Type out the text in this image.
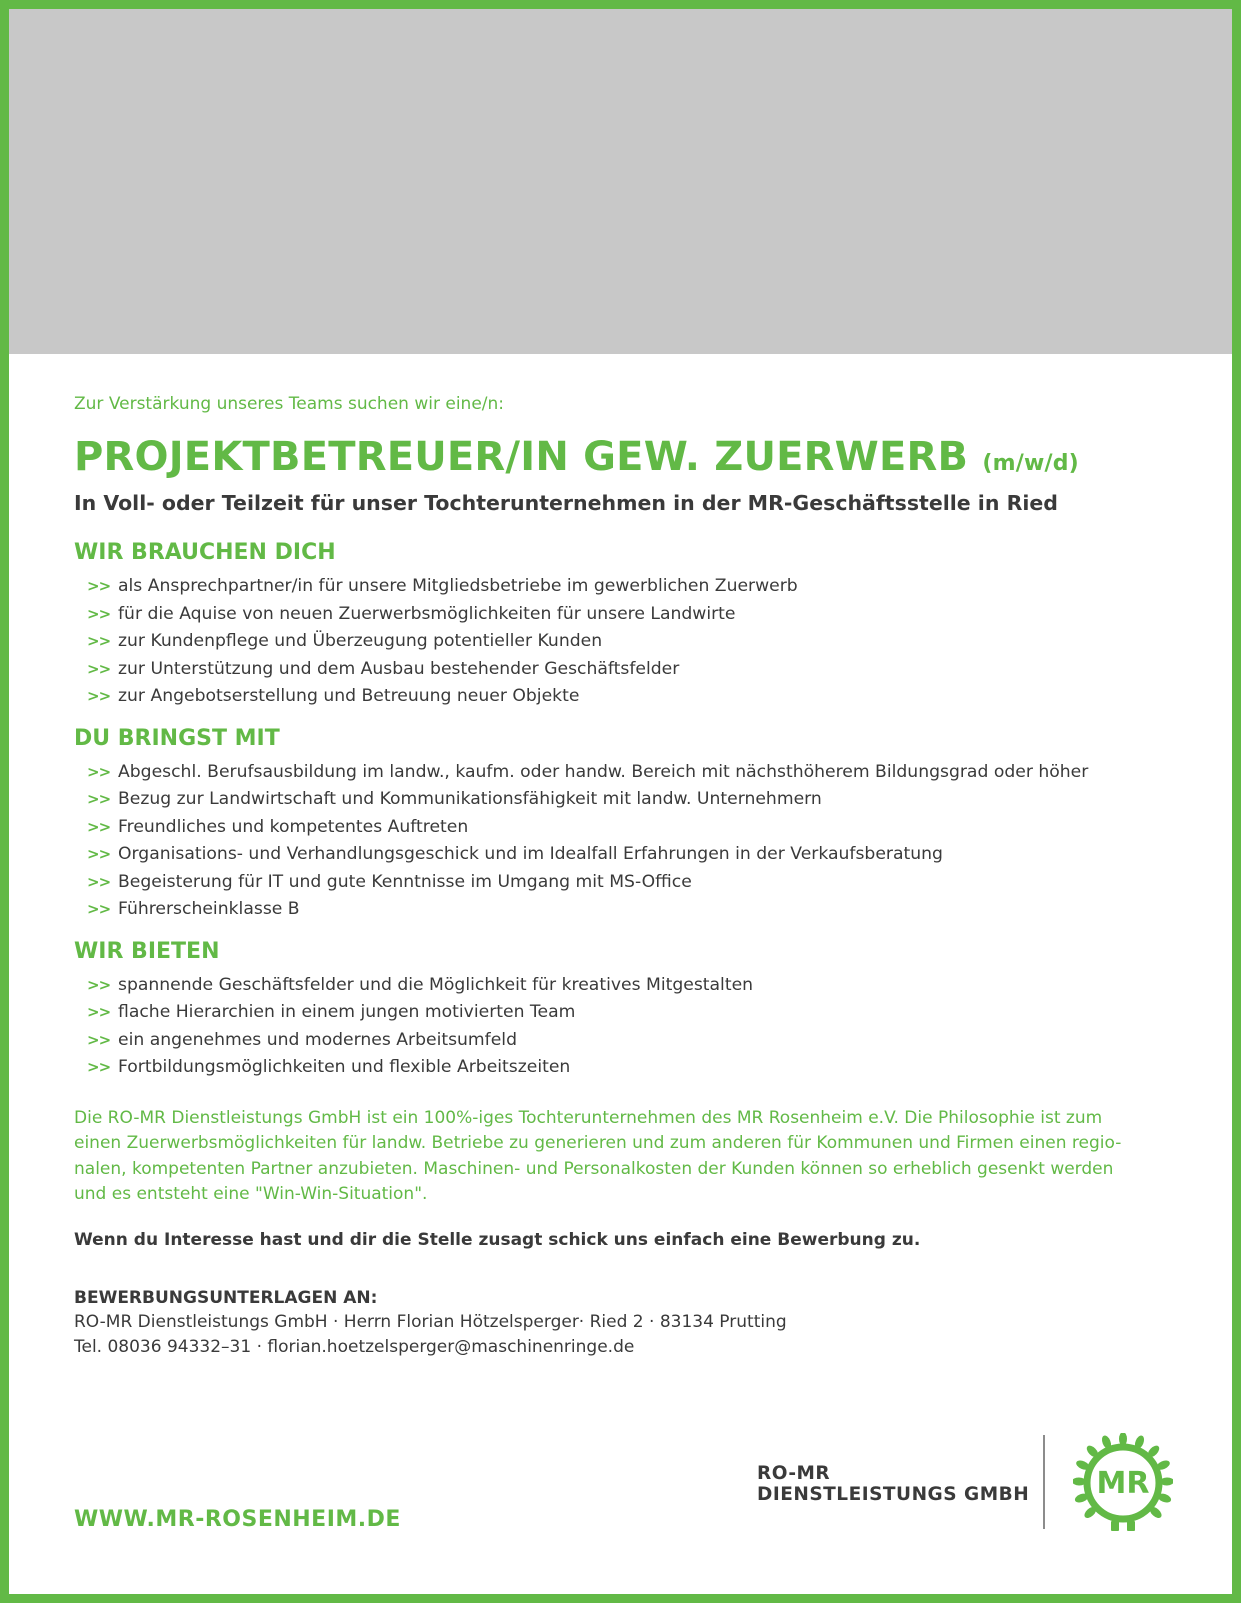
Zur Verstärkung unseres Teams suchen wir eine/n:

PROJEKTBETREUER/IN GEW. ZUERWERB (m/w/d)

In Voll- oder Teilzeit für unser Tochterunternehmen in der MR-Geschäftsstelle in Ried

WIR BRAUCHEN DICH
>> als Ansprechpartner/in für unsere Mitgliedsbetriebe im gewerblichen Zuerwerb
>> für die Aquise von neuen Zuerwerbsmöglichkeiten für unsere Landwirte
>> zur Kundenpflege und Überzeugung potentieller Kunden
>> zur Unterstützung und dem Ausbau bestehender Geschäftsfelder
>> zur Angebotserstellung und Betreuung neuer Objekte
DU BRINGST MIT
>> Abgeschl. Berufsausbildung im landw., kaufm. oder handw. Bereich mit nächsthöherem Bildungsgrad oder höher
>> Bezug zur Landwirtschaft und Kommunikationsfähigkeit mit landw. Unternehmern
>> Freundliches und kompetentes Auftreten
>> Organisations- und Verhandlungsgeschick und im Idealfall Erfahrungen in der Verkaufsberatung
>> Begeisterung für IT und gute Kenntnisse im Umgang mit MS-Office
>> Führerscheinklasse B
WIR BIETEN
>> spannende Geschäftsfelder und die Möglichkeit für kreatives Mitgestalten
>> flache Hierarchien in einem jungen motivierten Team
>> ein angenehmes und modernes Arbeitsumfeld
>> Fortbildungsmöglichkeiten und flexible Arbeitszeiten
Die RO-MR Dienstleistungs GmbH ist ein 100%-iges Tochterunternehmen des MR Rosenheim e.V. Die Philosophie ist zum
einen Zuerwerbsmöglichkeiten für landw. Betriebe zu generieren und zum anderen für Kommunen und Firmen einen regio-
nalen, kompetenten Partner anzubieten. Maschinen- und Personalkosten der Kunden können so erheblich gesenkt werden
und es entsteht eine "Win-Win-Situation".

Wenn du Interesse hast und dir die Stelle zusagt schick uns einfach eine Bewerbung zu.

BEWERBUNGSUNTERLAGEN AN:

RO-MR Dienstleistungs GmbH · Herrn Florian Hötzelsperger· Ried 2 · 83134 Prutting

Tel. 08036 94332–31 · florian.hoetzelsperger@maschinenringe.de

WWW.MR-ROSENHEIM.DE
RO-MR
DIENSTLEISTUNGS GMBH MR
